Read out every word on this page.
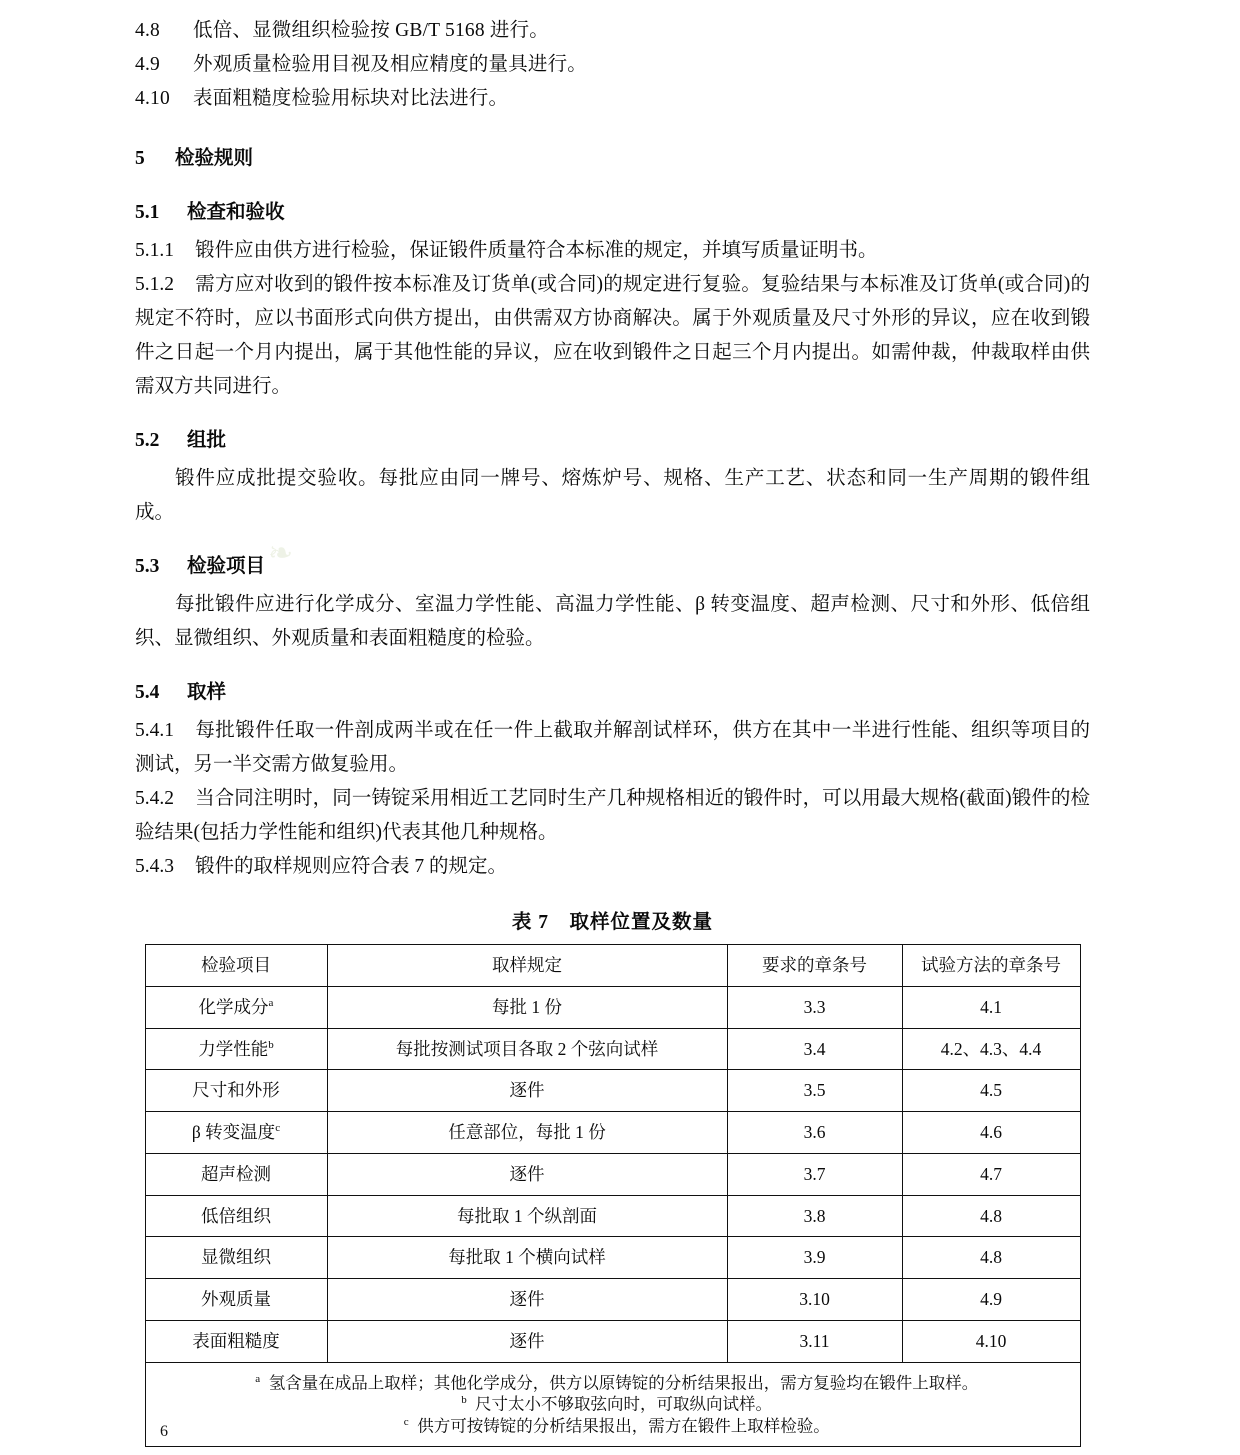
4.8 低倍、显微组织检验按 GB/T 5168 进行。
4.9 外观质量检验用目视及相应精度的量具进行。
4.10 表面粗糙度检验用标块对比法进行。
5 检验规则
5.1 检查和验收
5.1.1 锻件应由供方进行检验，保证锻件质量符合本标准的规定，并填写质量证明书。
5.1.2 需方应对收到的锻件按本标准及订货单(或合同)的规定进行复验。复验结果与本标准及订货单(或合同)的规定不符时，应以书面形式向供方提出，由供需双方协商解决。属于外观质量及尺寸外形的异议，应在收到锻件之日起一个月内提出，属于其他性能的异议，应在收到锻件之日起三个月内提出。如需仲裁，仲裁取样由供需双方共同进行。
5.2 组批
锻件应成批提交验收。每批应由同一牌号、熔炼炉号、规格、生产工艺、状态和同一生产周期的锻件组成。
5.3 检验项目
每批锻件应进行化学成分、室温力学性能、高温力学性能、β 转变温度、超声检测、尺寸和外形、低倍组织、显微组织、外观质量和表面粗糙度的检验。
5.4 取样
5.4.1 每批锻件任取一件剖成两半或在任一件上截取并解剖试样环，供方在其中一半进行性能、组织等项目的测试，另一半交需方做复验用。
5.4.2 当合同注明时，同一铸锭采用相近工艺同时生产几种规格相近的锻件时，可以用最大规格(截面)锻件的检验结果(包括力学性能和组织)代表其他几种规格。
5.4.3 锻件的取样规则应符合表 7 的规定。
表 7　取样位置及数量
检验项目	取样规定	要求的章条号	试验方法的章条号
化学成分$^a$	每批 1 份	3.3	4.1
力学性能$^b$	每批按测试项目各取 2 个弦向试样	3.4	4.2、4.3、4.4
尺寸和外形	逐件	3.5	4.5
β 转变温度$^c$	任意部位，每批 1 份	3.6	4.6
超声检测	逐件	3.7	4.7
低倍组织	每批取 1 个纵剖面	3.8	4.8
显微组织	每批取 1 个横向试样	3.9	4.8
外观质量	逐件	3.10	4.9
表面粗糙度	逐件	3.11	4.10

a 氢含量在成品上取样；其他化学成分，供方以原铸锭的分析结果报出，需方复验均在锻件上取样。
b 尺寸太小不够取弦向时，可取纵向试样。
c 供方可按铸锭的分析结果报出，需方在锻件上取样检验。			
❧
6
